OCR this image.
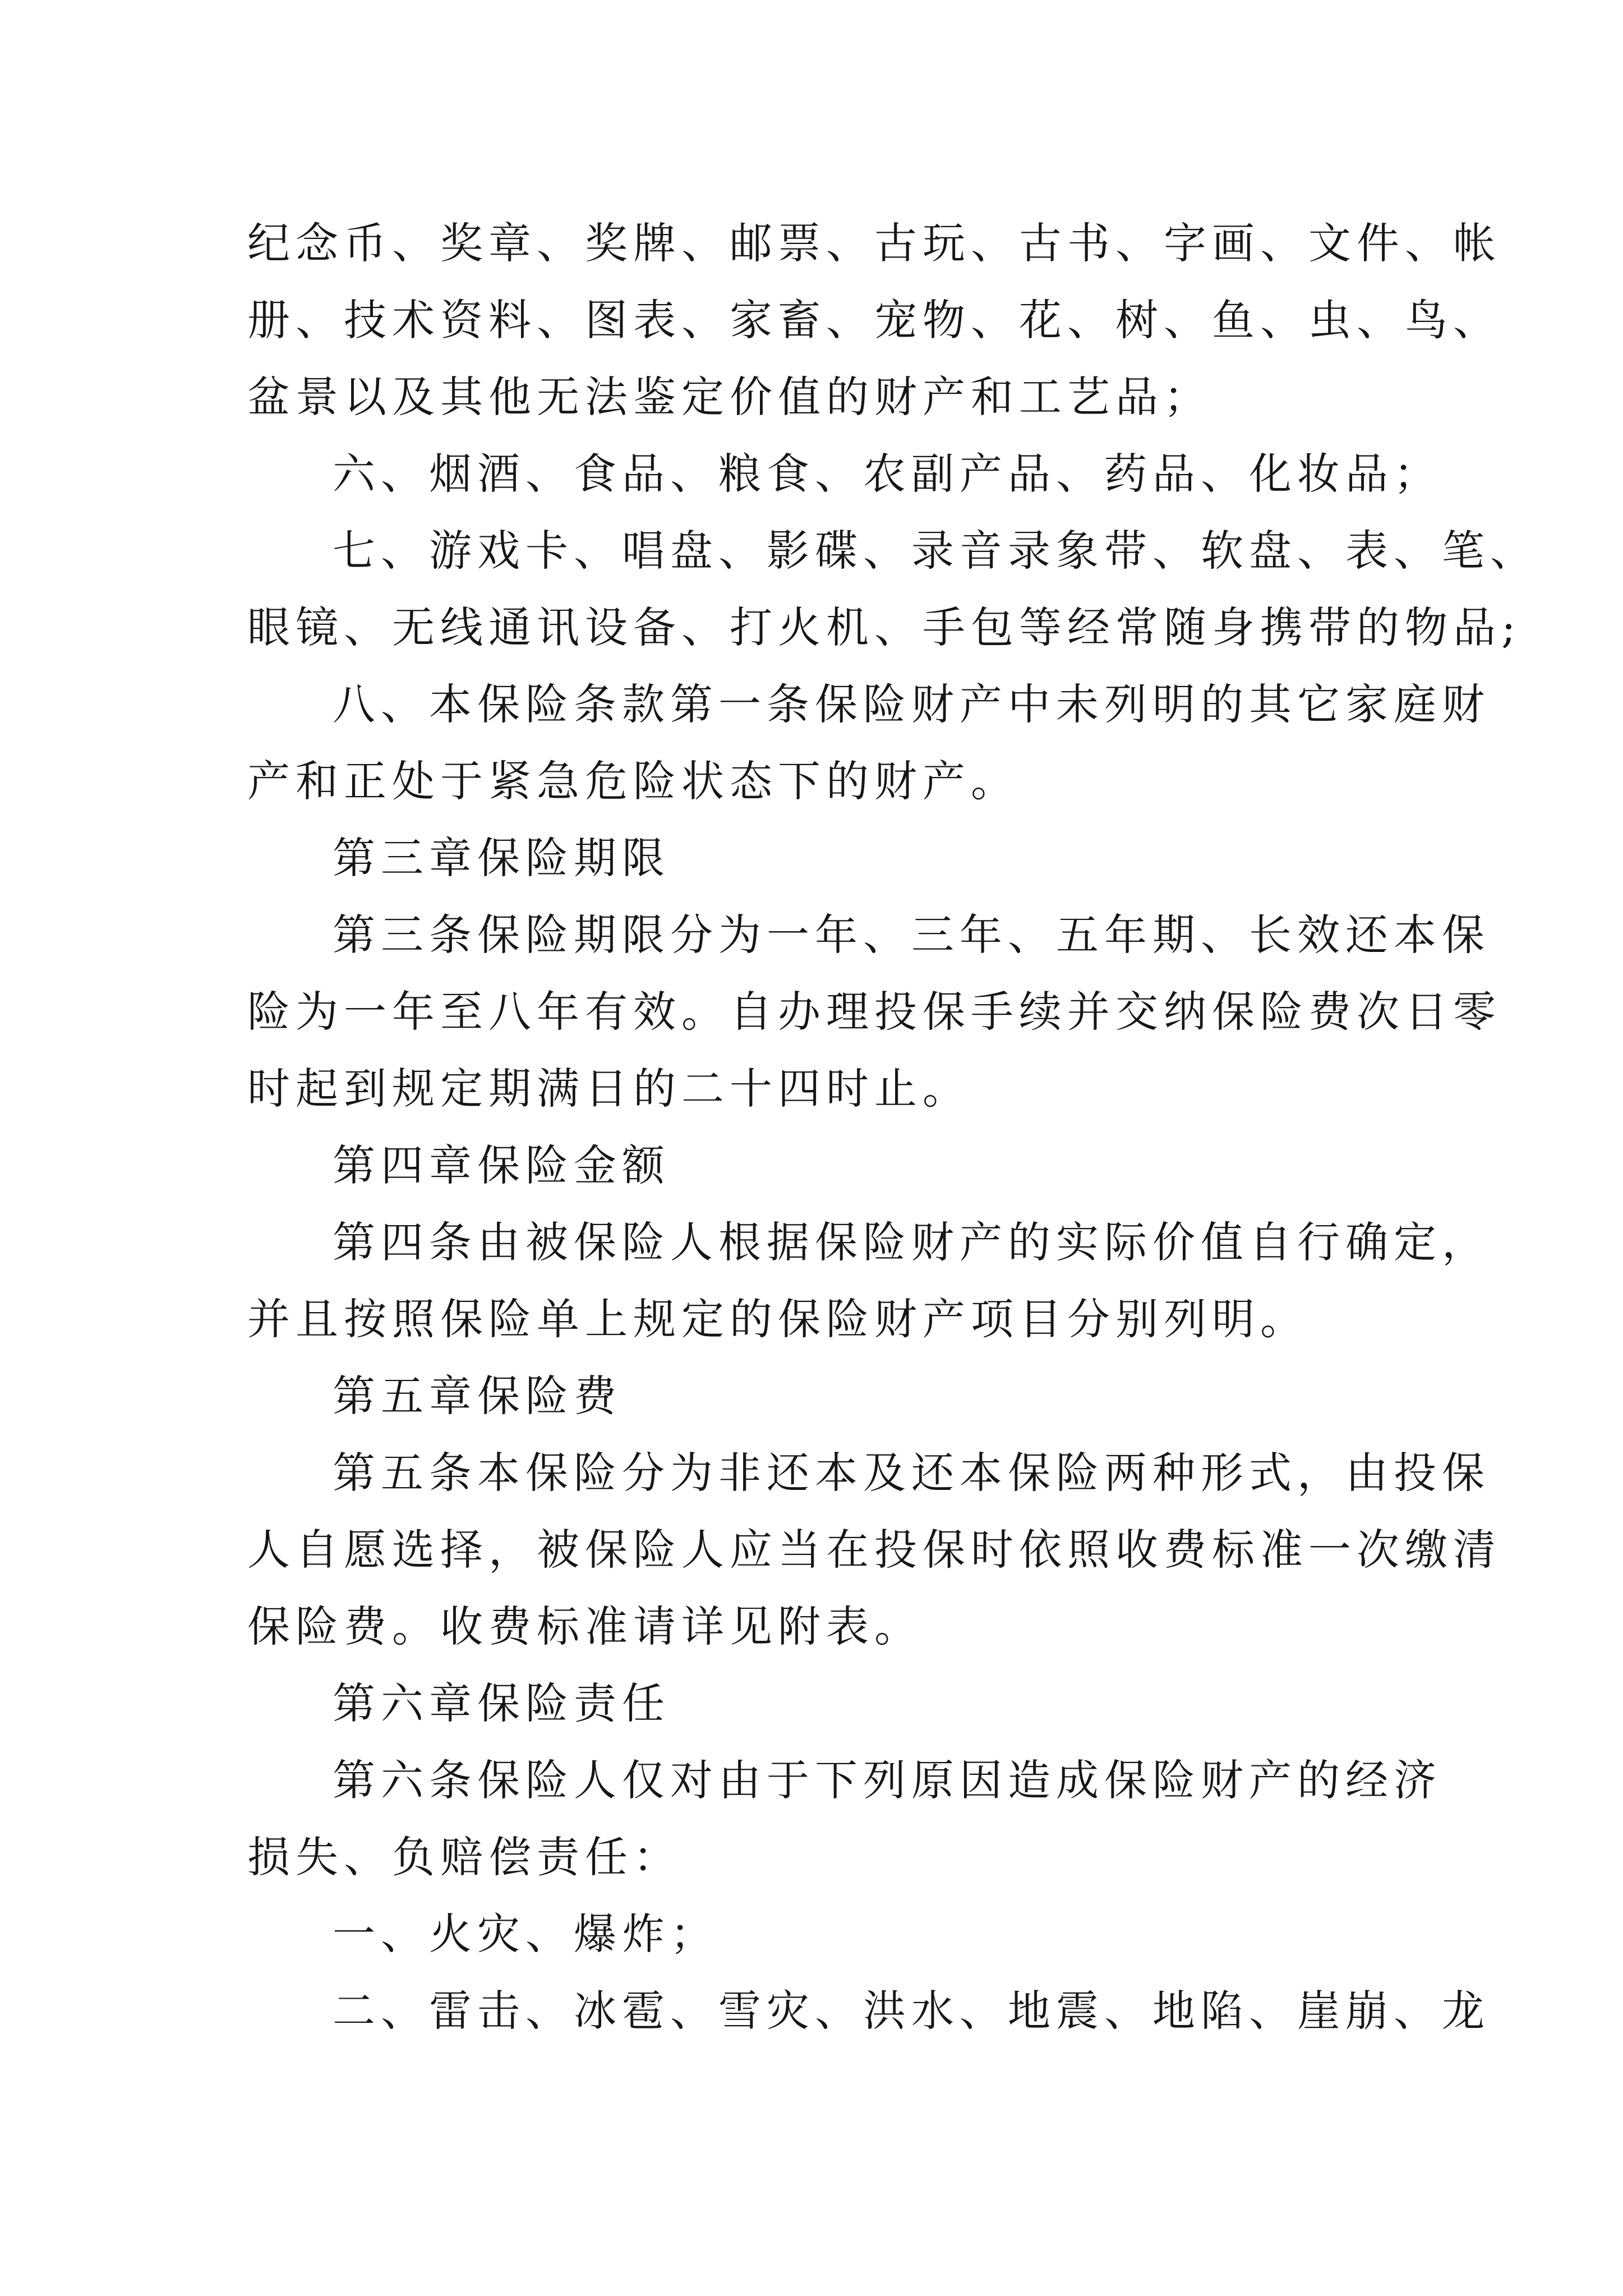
纪念币、奖章、奖牌、邮票、古玩、古书、字画、文件、帐
册、技术资料、图表、家畜、宠物、花、树、鱼、虫、鸟、
盆景以及其他无法鉴定价值的财产和工艺品；
六、烟酒、食品、粮食、农副产品、药品、化妆品；
七、游戏卡、唱盘、影碟、录音录象带、软盘、表、笔、
眼镜、无线通讯设备、打火机、手包等经常随身携带的物品;
八、本保险条款第一条保险财产中未列明的其它家庭财
产和正处于紧急危险状态下的财产。
第三章保险期限
第三条保险期限分为一年、三年、五年期、长效还本保
险为一年至八年有效。自办理投保手续并交纳保险费次日零
时起到规定期满日的二十四时止。
第四章保险金额
第四条由被保险人根据保险财产的实际价值自行确定，
并且按照保险单上规定的保险财产项目分别列明。
第五章保险费
第五条本保险分为非还本及还本保险两种形式，由投保
人自愿选择，被保险人应当在投保时依照收费标准一次缴清
保险费。收费标准请详见附表。
第六章保险责任
第六条保险人仅对由于下列原因造成保险财产的经济
损失、负赔偿责任：
一、火灾、爆炸；
二、雷击、冰雹、雪灾、洪水、地震、地陷、崖崩、龙
